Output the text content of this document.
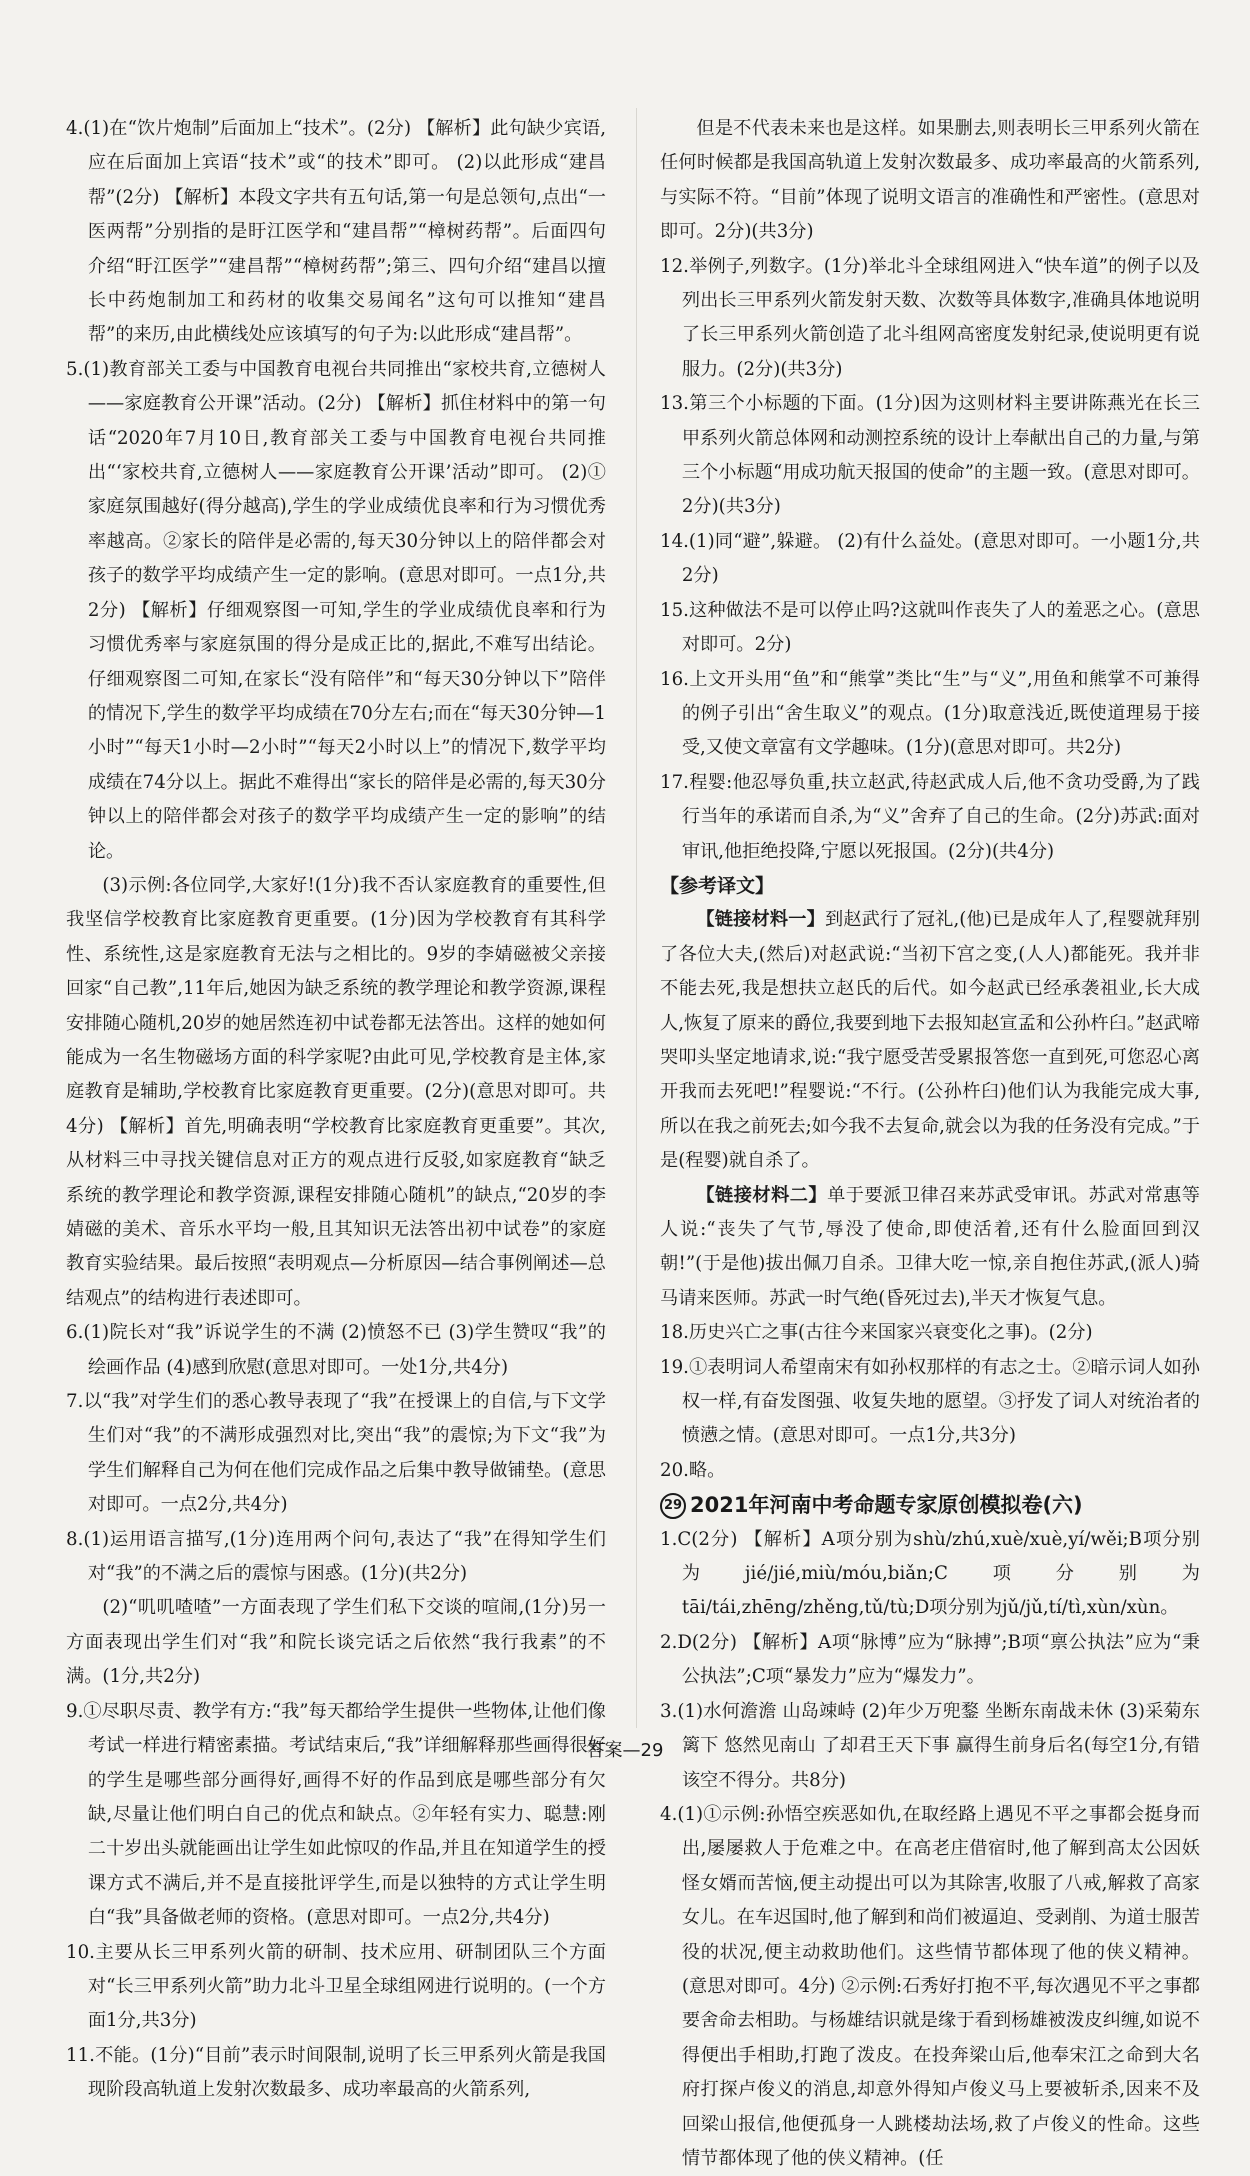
4.(1)在“饮片炮制”后面加上“技术”。(2分) 【解析】此句缺少宾语,应在后面加上宾语“技术”或“的技术”即可。 (2)以此形成“建昌帮”(2分) 【解析】本段文字共有五句话,第一句是总领句,点出“一医两帮”分别指的是盱江医学和“建昌帮”“樟树药帮”。后面四句介绍“盱江医学”“建昌帮”“樟树药帮”;第三、四句介绍“建昌以擅长中药炮制加工和药材的收集交易闻名”这句可以推知“建昌帮”的来历,由此横线处应该填写的句子为:以此形成“建昌帮”。

5.(1)教育部关工委与中国教育电视台共同推出“家校共育,立德树人——家庭教育公开课”活动。(2分) 【解析】抓住材料中的第一句话“2020年7月10日,教育部关工委与中国教育电视台共同推出“‘家校共育,立德树人——家庭教育公开课’活动”即可。 (2)①家庭氛围越好(得分越高),学生的学业成绩优良率和行为习惯优秀率越高。②家长的陪伴是必需的,每天30分钟以上的陪伴都会对孩子的数学平均成绩产生一定的影响。(意思对即可。一点1分,共2分) 【解析】仔细观察图一可知,学生的学业成绩优良率和行为习惯优秀率与家庭氛围的得分是成正比的,据此,不难写出结论。仔细观察图二可知,在家长“没有陪伴”和“每天30分钟以下”陪伴的情况下,学生的数学平均成绩在70分左右;而在“每天30分钟—1小时”“每天1小时—2小时”“每天2小时以上”的情况下,数学平均成绩在74分以上。据此不难得出“家长的陪伴是必需的,每天30分钟以上的陪伴都会对孩子的数学平均成绩产生一定的影响”的结论。

(3)示例:各位同学,大家好!(1分)我不否认家庭教育的重要性,但我坚信学校教育比家庭教育更重要。(1分)因为学校教育有其科学性、系统性,这是家庭教育无法与之相比的。9岁的李婧磁被父亲接回家“自己教”,11年后,她因为缺乏系统的教学理论和教学资源,课程安排随心随机,20岁的她居然连初中试卷都无法答出。这样的她如何能成为一名生物磁场方面的科学家呢?由此可见,学校教育是主体,家庭教育是辅助,学校教育比家庭教育更重要。(2分)(意思对即可。共4分) 【解析】首先,明确表明“学校教育比家庭教育更重要”。其次,从材料三中寻找关键信息对正方的观点进行反驳,如家庭教育“缺乏系统的教学理论和教学资源,课程安排随心随机”的缺点,“20岁的李婧磁的美术、音乐水平均一般,且其知识无法答出初中试卷”的家庭教育实验结果。最后按照“表明观点—分析原因—结合事例阐述—总结观点”的结构进行表述即可。

6.(1)院长对“我”诉说学生的不满 (2)愤怒不已 (3)学生赞叹“我”的绘画作品 (4)感到欣慰(意思对即可。一处1分,共4分)

7.以“我”对学生们的悉心教导表现了“我”在授课上的自信,与下文学生们对“我”的不满形成强烈对比,突出“我”的震惊;为下文“我”为学生们解释自己为何在他们完成作品之后集中教导做铺垫。(意思对即可。一点2分,共4分)

8.(1)运用语言描写,(1分)连用两个问句,表达了“我”在得知学生们对“我”的不满之后的震惊与困惑。(1分)(共2分)

(2)“叽叽喳喳”一方面表现了学生们私下交谈的喧闹,(1分)另一方面表现出学生们对“我”和院长谈完话之后依然“我行我素”的不满。(1分,共2分)

9.①尽职尽责、教学有方:“我”每天都给学生提供一些物体,让他们像考试一样进行精密素描。考试结束后,“我”详细解释那些画得很好的学生是哪些部分画得好,画得不好的作品到底是哪些部分有欠缺,尽量让他们明白自己的优点和缺点。②年轻有实力、聪慧:刚二十岁出头就能画出让学生如此惊叹的作品,并且在知道学生的授课方式不满后,并不是直接批评学生,而是以独特的方式让学生明白“我”具备做老师的资格。(意思对即可。一点2分,共4分)

10.主要从长三甲系列火箭的研制、技术应用、研制团队三个方面对“长三甲系列火箭”助力北斗卫星全球组网进行说明的。(一个方面1分,共3分)

11.不能。(1分)“目前”表示时间限制,说明了长三甲系列火箭是我国现阶段高轨道上发射次数最多、成功率最高的火箭系列,

但是不代表未来也是这样。如果删去,则表明长三甲系列火箭在任何时候都是我国高轨道上发射次数最多、成功率最高的火箭系列,与实际不符。“目前”体现了说明文语言的准确性和严密性。(意思对即可。2分)(共3分)

12.举例子,列数字。(1分)举北斗全球组网进入“快车道”的例子以及列出长三甲系列火箭发射天数、次数等具体数字,准确具体地说明了长三甲系列火箭创造了北斗组网高密度发射纪录,使说明更有说服力。(2分)(共3分)

13.第三个小标题的下面。(1分)因为这则材料主要讲陈燕光在长三甲系列火箭总体网和动测控系统的设计上奉献出自己的力量,与第三个小标题“用成功航天报国的使命”的主题一致。(意思对即可。2分)(共3分)

14.(1)同“避”,躲避。 (2)有什么益处。(意思对即可。一小题1分,共2分)

15.这种做法不是可以停止吗?这就叫作丧失了人的羞恶之心。(意思对即可。2分)

16.上文开头用“鱼”和“熊掌”类比“生”与“义”,用鱼和熊掌不可兼得的例子引出“舍生取义”的观点。(1分)取意浅近,既使道理易于接受,又使文章富有文学趣味。(1分)(意思对即可。共2分)

17.程婴:他忍辱负重,扶立赵武,待赵武成人后,他不贪功受爵,为了践行当年的承诺而自杀,为“义”舍弃了自己的生命。(2分)苏武:面对审讯,他拒绝投降,宁愿以死报国。(2分)(共4分)

【参考译文】

【链接材料一】到赵武行了冠礼,(他)已是成年人了,程婴就拜别了各位大夫,(然后)对赵武说:“当初下宫之变,(人人)都能死。我并非不能去死,我是想扶立赵氏的后代。如今赵武已经承袭祖业,长大成人,恢复了原来的爵位,我要到地下去报知赵宣孟和公孙杵臼。”赵武啼哭叩头坚定地请求,说:“我宁愿受苦受累报答您一直到死,可您忍心离开我而去死吧!”程婴说:“不行。(公孙杵臼)他们认为我能完成大事,所以在我之前死去;如今我不去复命,就会以为我的任务没有完成。”于是(程婴)就自杀了。

【链接材料二】单于要派卫律召来苏武受审讯。苏武对常惠等人说:“丧失了气节,辱没了使命,即使活着,还有什么脸面回到汉朝!”(于是他)拔出佩刀自杀。卫律大吃一惊,亲自抱住苏武,(派人)骑马请来医师。苏武一时气绝(昏死过去),半天才恢复气息。

18.历史兴亡之事(古往今来国家兴衰变化之事)。(2分)

19.①表明词人希望南宋有如孙权那样的有志之士。②暗示词人如孙权一样,有奋发图强、收复失地的愿望。③抒发了词人对统治者的愤懑之情。(意思对即可。一点1分,共3分)

20.略。

29 2021年河南中考命题专家原创模拟卷(六)

1.C(2分) 【解析】A项分别为shù/zhú,xuè/xuè,yí/wěi;B项分别为jié/jié,miù/móu,biǎn;C项分别为tāi/tái,zhēng/zhěng,tǔ/tù;D项分别为jǔ/jǔ,tí/tì,xùn/xùn。

2.D(2分) 【解析】A项“脉博”应为“脉搏”;B项“禀公执法”应为“秉公执法”;C项“暴发力”应为“爆发力”。

3.(1)水何澹澹 山岛竦峙 (2)年少万兜鍪 坐断东南战未休 (3)采菊东篱下 悠然见南山 了却君王天下事 赢得生前身后名(每空1分,有错该空不得分。共8分)

4.(1)①示例:孙悟空疾恶如仇,在取经路上遇见不平之事都会挺身而出,屡屡救人于危难之中。在高老庄借宿时,他了解到高太公因妖怪女婿而苦恼,便主动提出可以为其除害,收服了八戒,解救了高家女儿。在车迟国时,他了解到和尚们被逼迫、受剥削、为道士服苦役的状况,便主动救助他们。这些情节都体现了他的侠义精神。(意思对即可。4分) ②示例:石秀好打抱不平,每次遇见不平之事都要舍命去相助。与杨雄结识就是缘于看到杨雄被泼皮纠缠,如说不得便出手相助,打跑了泼皮。在投奔梁山后,他奉宋江之命到大名府打探卢俊义的消息,却意外得知卢俊义马上要被斩杀,因来不及回梁山报信,他便孤身一人跳楼劫法场,救了卢俊义的性命。这些情节都体现了他的侠义精神。(任

答案—29
